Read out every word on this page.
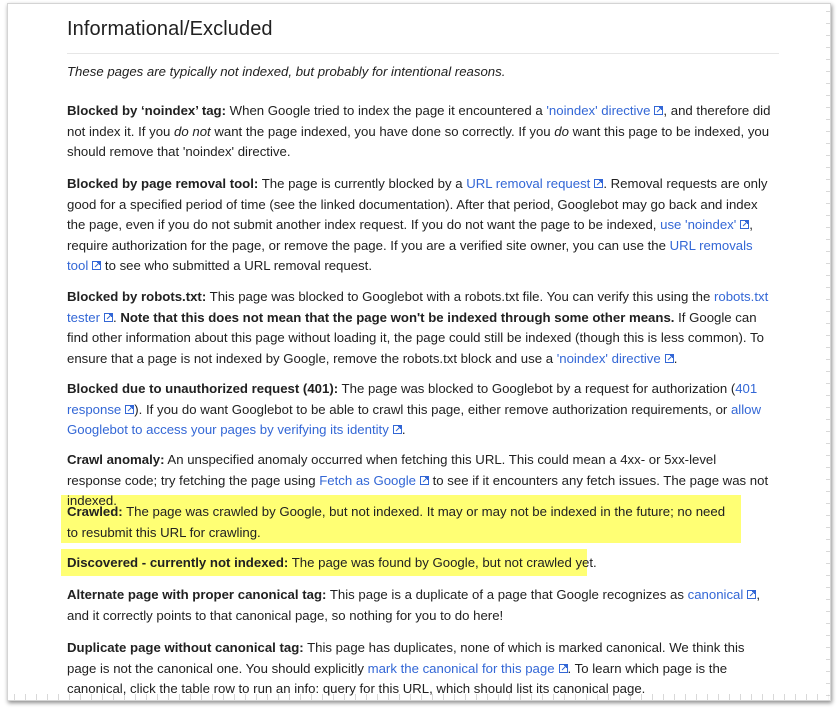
Informational/Excluded

These pages are typically not indexed, but probably for intentional reasons.

Blocked by ‘noindex’ tag: When Google tried to index the page it encountered a 'noindex' directive , and therefore did not index it. If you do not want the page indexed, you have done so correctly. If you do want this page to be indexed, you should remove that 'noindex' directive.

Blocked by page removal tool: The page is currently blocked by a URL removal request . Removal requests are only good for a specified period of time (see the linked documentation). After that period, Googlebot may go back and index the page, even if you do not submit another index request. If you do not want the page to be indexed, use 'noindex' , require authorization for the page, or remove the page. If you are a verified site owner, you can use the URL removals tool
to see who submitted a URL removal request.

Blocked by robots.txt: This page was blocked to Googlebot with a robots.txt file. You can verify this using the robots.txt tester . Note that this does not mean that the page won't be indexed through some other means. If Google can find other information about this page without loading it, the page could still be indexed (though this is less common). To ensure that a page is not indexed by Google, remove the robots.txt block and use a 'noindex' directive .

Blocked due to unauthorized request (401): The page was blocked to Googlebot by a request for authorization (401 response ). If you do want Googlebot to be able to crawl this page, either remove authorization requirements, or allow Googlebot to access your pages by verifying its identity .

Crawl anomaly: An unspecified anomaly occurred when fetching this URL. This could mean a 4xx- or 5xx-level response code; try fetching the page using Fetch as Google
to see if it encounters any fetch issues. The page was not indexed.

Crawled: The page was crawled by Google, but not indexed. It may or may not be indexed in the future; no need to resubmit this URL for crawling.

Discovered - currently not indexed: The page was found by Google, but not crawled yet.

Alternate page with proper canonical tag: This page is a duplicate of a page that Google recognizes as canonical , and it correctly points to that canonical page, so nothing for you to do here!

Duplicate page without canonical tag: This page has duplicates, none of which is marked canonical. We think this page is not the canonical one. You should explicitly mark the canonical for this page . To learn which page is the canonical, click the table row to run an info: query for this URL, which should list its canonical page.
